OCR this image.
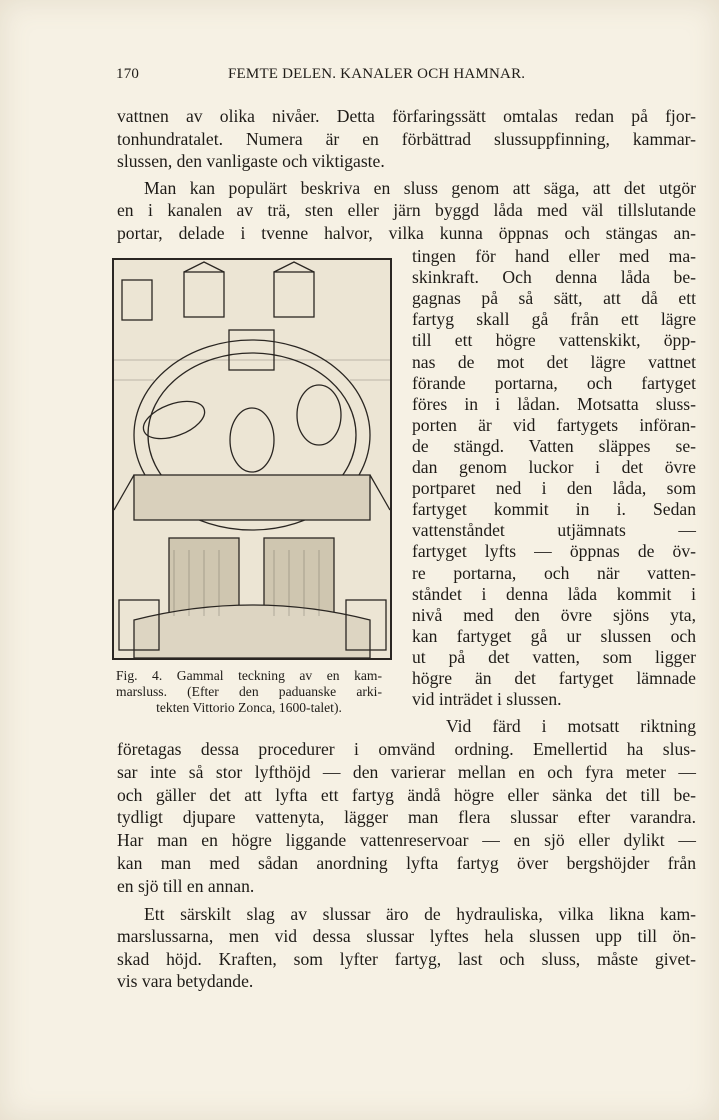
170	FEMTE DELEN. KANALER OCH HAMNAR.
vattnen av olika nivåer. Detta förfaringssätt omtalas redan på fjor-
tonhundratalet. Numera är en förbättrad slussuppfinning, kammar-
slussen, den vanligaste och viktigaste.
Man kan populärt beskriva en sluss genom att säga, att det utgör
en i kanalen av trä, sten eller järn byggd låda med väl tillslutande
portar, delade i tvenne halvor, vilka kunna öppnas och stängas an-
tingen för hand eller med ma-
skinkraft. Och denna låda be-
gagnas på så sätt, att då ett
fartyg skall gå från ett lägre
till ett högre vattenskikt, öpp-
nas de mot det lägre vattnet
förande portarna, och fartyget
föres in i lådan. Motsatta sluss-
porten är vid fartygets införan-
de stängd. Vatten släppes se-
dan genom luckor i det övre
portparet ned i den låda, som
fartyget kommit in i. Sedan
vattenståndet utjämnats —
fartyget lyfts — öppnas de öv-
re portarna, och när vatten-
ståndet i denna låda kommit i
nivå med den övre sjöns yta,
kan fartyget gå ur slussen och
ut på det vatten, som ligger
högre än det fartyget lämnade
vid inträdet i slussen.
Vid färd i motsatt riktning
företagas dessa procedurer i omvänd ordning. Emellertid ha slus-
sar inte så stor lyfthöjd — den varierar mellan en och fyra meter —
och gäller det att lyfta ett fartyg ändå högre eller sänka det till be-
tydligt djupare vattenyta, lägger man flera slussar efter varandra.
Har man en högre liggande vattenreservoar — en sjö eller dylikt —
kan man med sådan anordning lyfta fartyg över bergshöjder från
en sjö till en annan.
Ett särskilt slag av slussar äro de hydrauliska, vilka likna kam-
marslussarna, men vid dessa slussar lyftes hela slussen upp till ön-
skad höjd. Kraften, som lyfter fartyg, last och sluss, måste givet-
vis vara betydande.
Fig. 4. Gammal teckning av en kam-
marsluss. (Efter den paduanske arki-
tekten Vittorio Zonca, 1600-talet).
